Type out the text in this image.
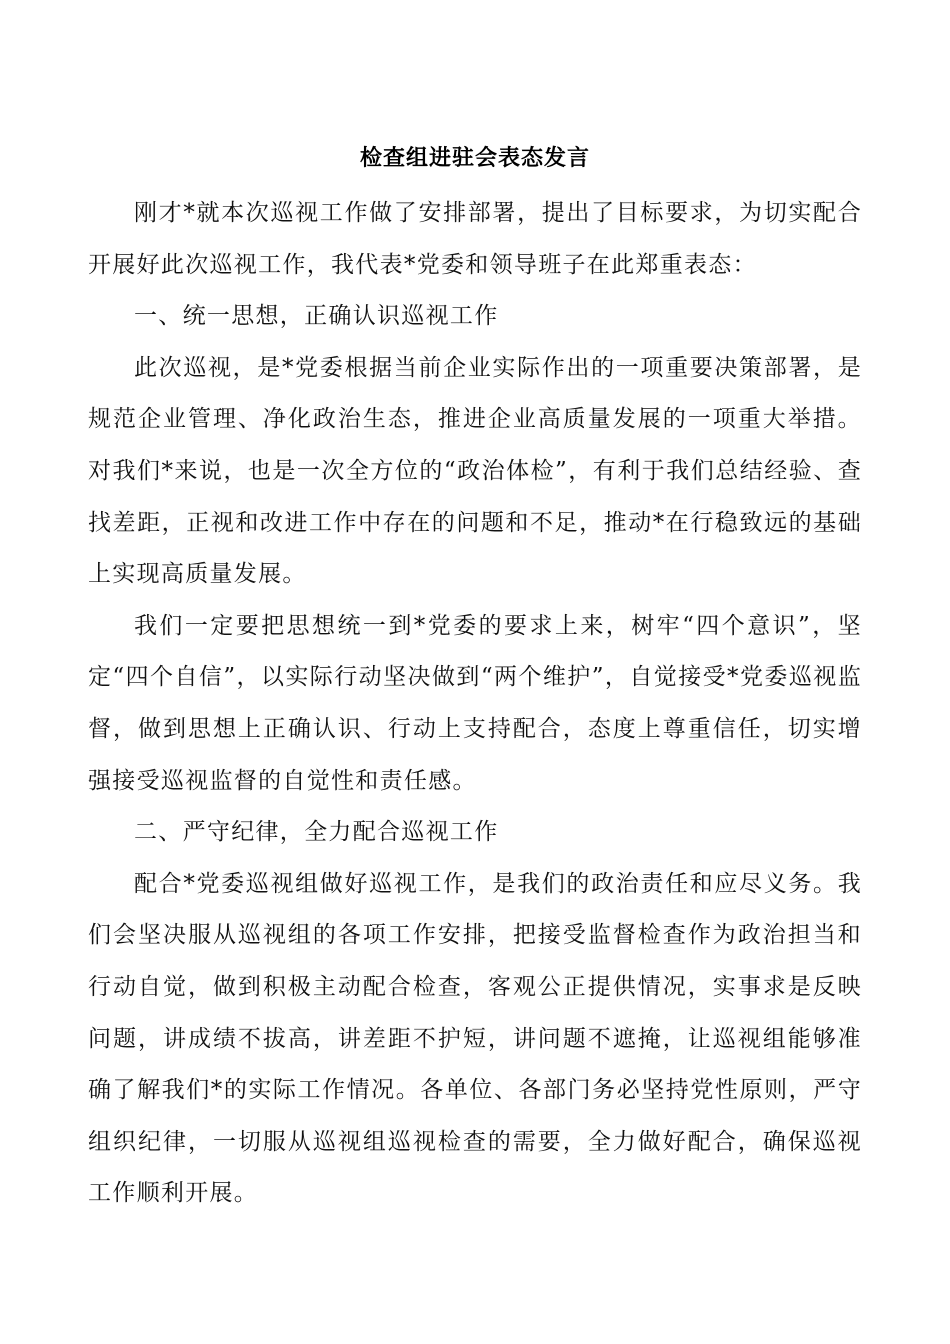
检查组进驻会表态发言

刚才*就本次巡视工作做了安排部署，提出了目标要求，为切实配合开展好此次巡视工作，我代表*党委和领导班子在此郑重表态：

一、统一思想，正确认识巡视工作

此次巡视，是*党委根据当前企业实际作出的一项重要决策部署，是规范企业管理、净化政治生态，推进企业高质量发展的一项重大举措。对我们*来说，也是一次全方位的“政治体检”，有利于我们总结经验、查找差距，正视和改进工作中存在的问题和不足，推动*在行稳致远的基础上实现高质量发展。

我们一定要把思想统一到*党委的要求上来，树牢“四个意识”，坚定“四个自信”，以实际行动坚决做到“两个维护”，自觉接受*党委巡视监督，做到思想上正确认识、行动上支持配合，态度上尊重信任，切实增强接受巡视监督的自觉性和责任感。

二、严守纪律，全力配合巡视工作

配合*党委巡视组做好巡视工作，是我们的政治责任和应尽义务。我们会坚决服从巡视组的各项工作安排，把接受监督检查作为政治担当和行动自觉，做到积极主动配合检查，客观公正提供情况，实事求是反映问题，讲成绩不拔高，讲差距不护短，讲问题不遮掩，让巡视组能够准确了解我们*的实际工作情况。各单位、各部门务必坚持党性原则，严守组织纪律，一切服从巡视组巡视检查的需要，全力做好配合，确保巡视工作顺利开展。
